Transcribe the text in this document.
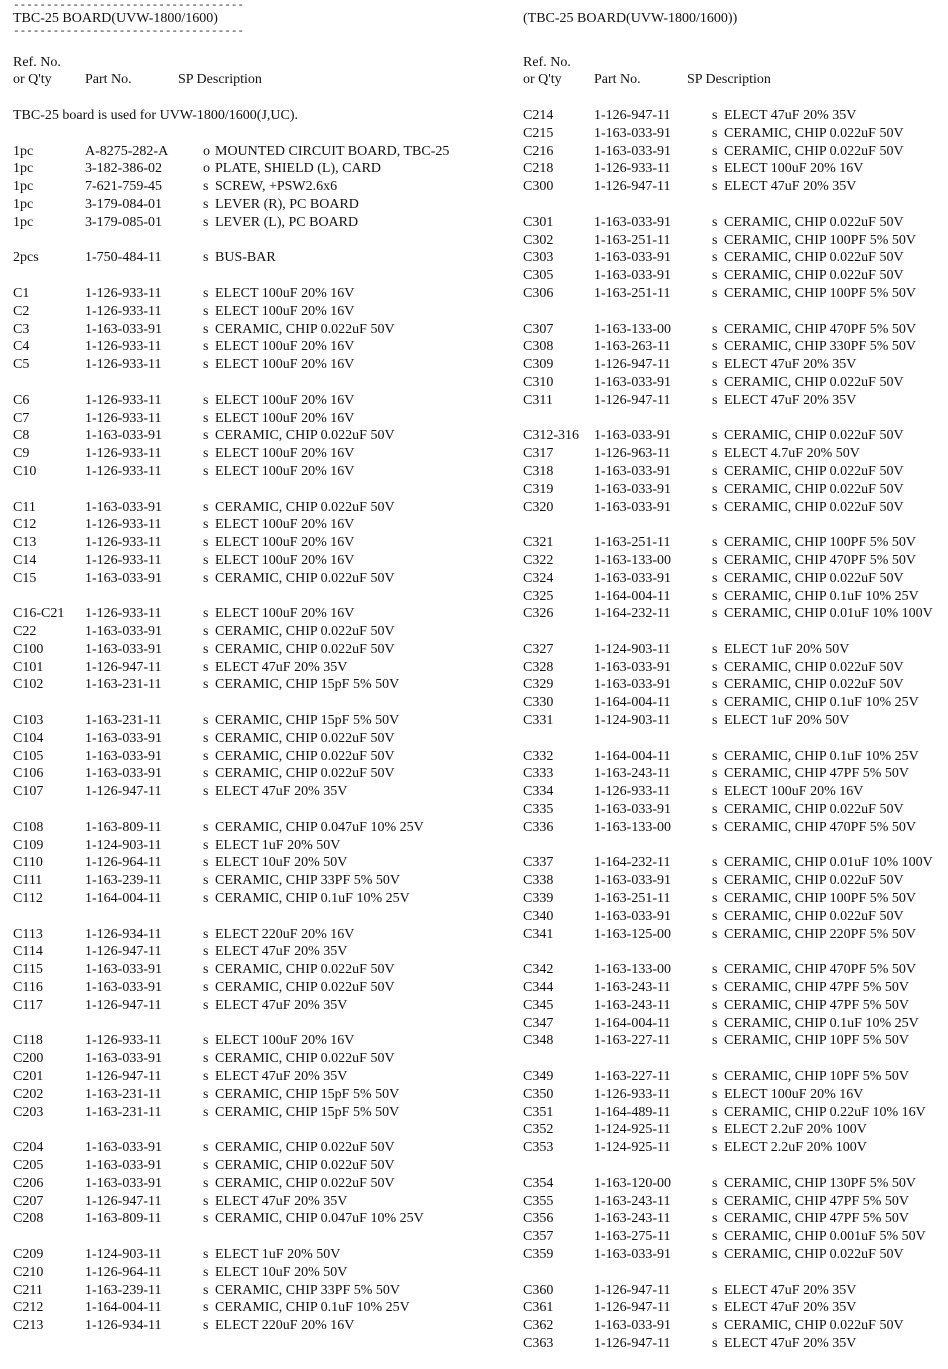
-----------------------------------
TBC-25 BOARD(UVW-1800/1600)
-----------------------------------
Ref. No.
or Q'ty	Part No.	SP Description
TBC-25 board is used for UVW-1800/1600(J,UC).
1pc	A-8275-282-A	o MOUNTED CIRCUIT BOARD, TBC-25
1pc	3-182-386-02	o PLATE, SHIELD (L), CARD
1pc	7-621-759-45	s SCREW, +PSW2.6x6
1pc	3-179-084-01	s LEVER (R), PC BOARD
1pc	3-179-085-01	s LEVER (L), PC BOARD
2pcs	1-750-484-11	s BUS-BAR
C1	1-126-933-11	s ELECT 100uF 20% 16V
C2	1-126-933-11	s ELECT 100uF 20% 16V
C3	1-163-033-91	s CERAMIC, CHIP 0.022uF 50V
C4	1-126-933-11	s ELECT 100uF 20% 16V
C5	1-126-933-11	s ELECT 100uF 20% 16V
C6	1-126-933-11	s ELECT 100uF 20% 16V
C7	1-126-933-11	s ELECT 100uF 20% 16V
C8	1-163-033-91	s CERAMIC, CHIP 0.022uF 50V
C9	1-126-933-11	s ELECT 100uF 20% 16V
C10	1-126-933-11	s ELECT 100uF 20% 16V
C11	1-163-033-91	s CERAMIC, CHIP 0.022uF 50V
C12	1-126-933-11	s ELECT 100uF 20% 16V
C13	1-126-933-11	s ELECT 100uF 20% 16V
C14	1-126-933-11	s ELECT 100uF 20% 16V
C15	1-163-033-91	s CERAMIC, CHIP 0.022uF 50V
C16-C21	1-126-933-11	s ELECT 100uF 20% 16V
C22	1-163-033-91	s CERAMIC, CHIP 0.022uF 50V
C100	1-163-033-91	s CERAMIC, CHIP 0.022uF 50V
C101	1-126-947-11	s ELECT 47uF 20% 35V
C102	1-163-231-11	s CERAMIC, CHIP 15pF 5% 50V
C103	1-163-231-11	s CERAMIC, CHIP 15pF 5% 50V
C104	1-163-033-91	s CERAMIC, CHIP 0.022uF 50V
C105	1-163-033-91	s CERAMIC, CHIP 0.022uF 50V
C106	1-163-033-91	s CERAMIC, CHIP 0.022uF 50V
C107	1-126-947-11	s ELECT 47uF 20% 35V
C108	1-163-809-11	s CERAMIC, CHIP 0.047uF 10% 25V
C109	1-124-903-11	s ELECT 1uF 20% 50V
C110	1-126-964-11	s ELECT 10uF 20% 50V
C111	1-163-239-11	s CERAMIC, CHIP 33PF 5% 50V
C112	1-164-004-11	s CERAMIC, CHIP 0.1uF 10% 25V
C113	1-126-934-11	s ELECT 220uF 20% 16V
C114	1-126-947-11	s ELECT 47uF 20% 35V
C115	1-163-033-91	s CERAMIC, CHIP 0.022uF 50V
C116	1-163-033-91	s CERAMIC, CHIP 0.022uF 50V
C117	1-126-947-11	s ELECT 47uF 20% 35V
C118	1-126-933-11	s ELECT 100uF 20% 16V
C200	1-163-033-91	s CERAMIC, CHIP 0.022uF 50V
C201	1-126-947-11	s ELECT 47uF 20% 35V
C202	1-163-231-11	s CERAMIC, CHIP 15pF 5% 50V
C203	1-163-231-11	s CERAMIC, CHIP 15pF 5% 50V
C204	1-163-033-91	s CERAMIC, CHIP 0.022uF 50V
C205	1-163-033-91	s CERAMIC, CHIP 0.022uF 50V
C206	1-163-033-91	s CERAMIC, CHIP 0.022uF 50V
C207	1-126-947-11	s ELECT 47uF 20% 35V
C208	1-163-809-11	s CERAMIC, CHIP 0.047uF 10% 25V
C209	1-124-903-11	s ELECT 1uF 20% 50V
C210	1-126-964-11	s ELECT 10uF 20% 50V
C211	1-163-239-11	s CERAMIC, CHIP 33PF 5% 50V
C212	1-164-004-11	s CERAMIC, CHIP 0.1uF 10% 25V
C213	1-126-934-11	s ELECT 220uF 20% 16V
(TBC-25 BOARD(UVW-1800/1600))
Ref. No.
or Q'ty	Part No.	SP Description
C214	1-126-947-11	s ELECT 47uF 20% 35V
C215	1-163-033-91	s CERAMIC, CHIP 0.022uF 50V
C216	1-163-033-91	s CERAMIC, CHIP 0.022uF 50V
C218	1-126-933-11	s ELECT 100uF 20% 16V
C300	1-126-947-11	s ELECT 47uF 20% 35V
C301	1-163-033-91	s CERAMIC, CHIP 0.022uF 50V
C302	1-163-251-11	s CERAMIC, CHIP 100PF 5% 50V
C303	1-163-033-91	s CERAMIC, CHIP 0.022uF 50V
C305	1-163-033-91	s CERAMIC, CHIP 0.022uF 50V
C306	1-163-251-11	s CERAMIC, CHIP 100PF 5% 50V
C307	1-163-133-00	s CERAMIC, CHIP 470PF 5% 50V
C308	1-163-263-11	s CERAMIC, CHIP 330PF 5% 50V
C309	1-126-947-11	s ELECT 47uF 20% 35V
C310	1-163-033-91	s CERAMIC, CHIP 0.022uF 50V
C311	1-126-947-11	s ELECT 47uF 20% 35V
C312-316	1-163-033-91	s CERAMIC, CHIP 0.022uF 50V
C317	1-126-963-11	s ELECT 4.7uF 20% 50V
C318	1-163-033-91	s CERAMIC, CHIP 0.022uF 50V
C319	1-163-033-91	s CERAMIC, CHIP 0.022uF 50V
C320	1-163-033-91	s CERAMIC, CHIP 0.022uF 50V
C321	1-163-251-11	s CERAMIC, CHIP 100PF 5% 50V
C322	1-163-133-00	s CERAMIC, CHIP 470PF 5% 50V
C324	1-163-033-91	s CERAMIC, CHIP 0.022uF 50V
C325	1-164-004-11	s CERAMIC, CHIP 0.1uF 10% 25V
C326	1-164-232-11	s CERAMIC, CHIP 0.01uF 10% 100V
C327	1-124-903-11	s ELECT 1uF 20% 50V
C328	1-163-033-91	s CERAMIC, CHIP 0.022uF 50V
C329	1-163-033-91	s CERAMIC, CHIP 0.022uF 50V
C330	1-164-004-11	s CERAMIC, CHIP 0.1uF 10% 25V
C331	1-124-903-11	s ELECT 1uF 20% 50V
C332	1-164-004-11	s CERAMIC, CHIP 0.1uF 10% 25V
C333	1-163-243-11	s CERAMIC, CHIP 47PF 5% 50V
C334	1-126-933-11	s ELECT 100uF 20% 16V
C335	1-163-033-91	s CERAMIC, CHIP 0.022uF 50V
C336	1-163-133-00	s CERAMIC, CHIP 470PF 5% 50V
C337	1-164-232-11	s CERAMIC, CHIP 0.01uF 10% 100V
C338	1-163-033-91	s CERAMIC, CHIP 0.022uF 50V
C339	1-163-251-11	s CERAMIC, CHIP 100PF 5% 50V
C340	1-163-033-91	s CERAMIC, CHIP 0.022uF 50V
C341	1-163-125-00	s CERAMIC, CHIP 220PF 5% 50V
C342	1-163-133-00	s CERAMIC, CHIP 470PF 5% 50V
C344	1-163-243-11	s CERAMIC, CHIP 47PF 5% 50V
C345	1-163-243-11	s CERAMIC, CHIP 47PF 5% 50V
C347	1-164-004-11	s CERAMIC, CHIP 0.1uF 10% 25V
C348	1-163-227-11	s CERAMIC, CHIP 10PF 5% 50V
C349	1-163-227-11	s CERAMIC, CHIP 10PF 5% 50V
C350	1-126-933-11	s ELECT 100uF 20% 16V
C351	1-164-489-11	s CERAMIC, CHIP 0.22uF 10% 16V
C352	1-124-925-11	s ELECT 2.2uF 20% 100V
C353	1-124-925-11	s ELECT 2.2uF 20% 100V
C354	1-163-120-00	s CERAMIC, CHIP 130PF 5% 50V
C355	1-163-243-11	s CERAMIC, CHIP 47PF 5% 50V
C356	1-163-243-11	s CERAMIC, CHIP 47PF 5% 50V
C357	1-163-275-11	s CERAMIC, CHIP 0.001uF 5% 50V
C359	1-163-033-91	s CERAMIC, CHIP 0.022uF 50V
C360	1-126-947-11	s ELECT 47uF 20% 35V
C361	1-126-947-11	s ELECT 47uF 20% 35V
C362	1-163-033-91	s CERAMIC, CHIP 0.022uF 50V
C363	1-126-947-11	s ELECT 47uF 20% 35V
